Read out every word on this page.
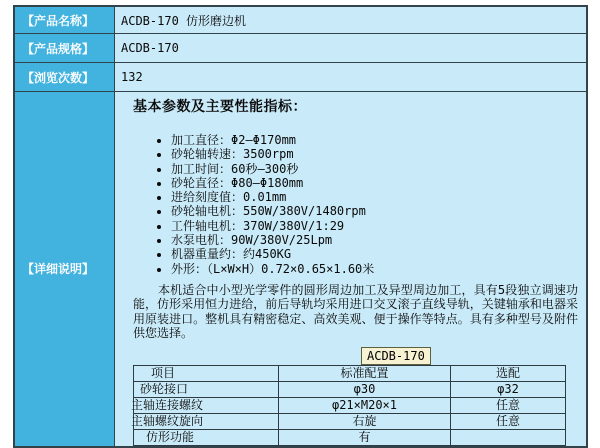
【产品名称】	ACDB-170 仿形磨边机
【产品规格】	ACDB-170
【浏览次数】	132
【详细说明】	
基本参数及主要性能指标：
• 加工直径：Φ2—Φ170mm
• 砂轮轴转速：3500rpm
• 加工时间：60秒—300秒
• 砂轮直径：Φ80—Φ180mm
• 进给刻度值：0.01mm
• 砂轮轴电机：550W/380V/1480rpm
• 工件轴电机：370W/380V/1:29
• 水泵电机：90W/380V/25Lpm
• 机器重量约：约450KG
• 外形：（L×W×H）0.72×0.65×1.60米

本机适合中小型光学零件的圆形周边加工及异型周边加工，具有5段独立调速功能，仿形采用恒力进给，前后导轨均采用进口交叉滚子直线导轨，关键轴承和电器采用原装进口。整机具有精密稳定、高效美观、便于操作等特点。具有多种型号及附件供您选择。

ACDB-170
项目	标准配置	选配
砂轮接口	φ30	φ32
主轴连接螺纹	φ21×M20×1	任意
主轴螺纹旋向	右旋	任意
仿形功能	有	
